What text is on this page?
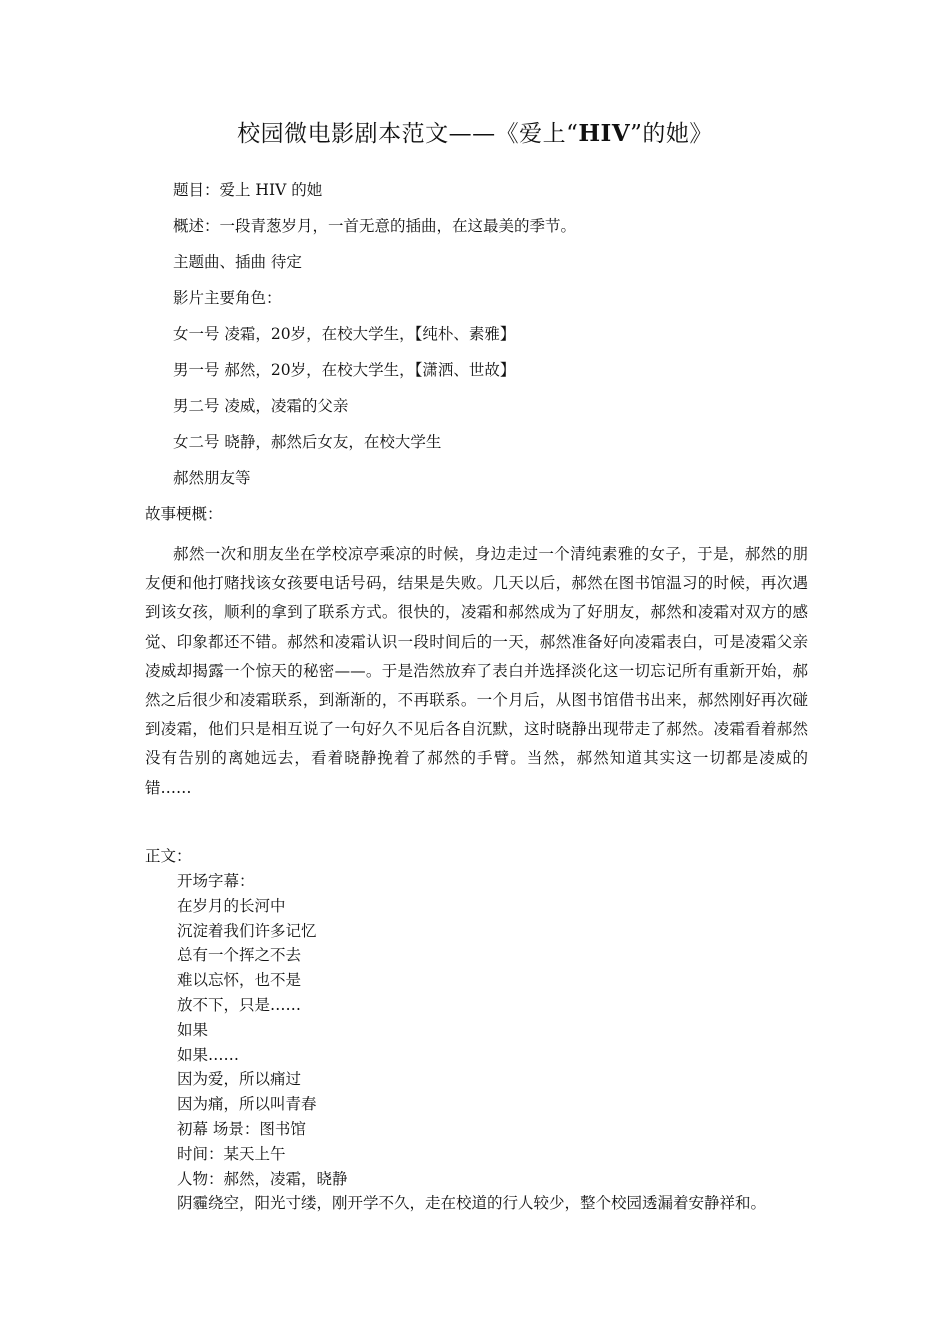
校园微电影剧本范文——《爱上“HIV”的她》
题目：爱上 HIV 的她
概述：一段青葱岁月，一首无意的插曲，在这最美的季节。
主题曲、插曲 待定
影片主要角色：
女一号 凌霜，20岁，在校大学生，【纯朴、素雅】
男一号 郝然，20岁，在校大学生，【潇洒、世故】
男二号 凌威，凌霜的父亲
女二号 晓静，郝然后女友，在校大学生
郝然朋友等
故事梗概：
郝然一次和朋友坐在学校凉亭乘凉的时候，身边走过一个清纯素雅的女子，于是，郝然的朋友便和他打赌找该女孩要电话号码，结果是失败。几天以后，郝然在图书馆温习的时候，再次遇到该女孩，顺利的拿到了联系方式。很快的，凌霜和郝然成为了好朋友，郝然和凌霜对双方的感觉、印象都还不错。郝然和凌霜认识一段时间后的一天，郝然准备好向凌霜表白，可是凌霜父亲凌威却揭露一个惊天的秘密——。于是浩然放弃了表白并选择淡化这一切忘记所有重新开始，郝然之后很少和凌霜联系，到渐渐的，不再联系。一个月后，从图书馆借书出来，郝然刚好再次碰到凌霜，他们只是相互说了一句好久不见后各自沉默，这时晓静出现带走了郝然。凌霜看着郝然没有告别的离她远去，看着晓静挽着了郝然的手臂。当然，郝然知道其实这一切都是凌威的错……
正文：
开场字幕：
在岁月的长河中
沉淀着我们许多记忆
总有一个挥之不去
难以忘怀，也不是
放不下，只是……
如果
如果……
因为爱，所以痛过
因为痛，所以叫青春
初幕 场景：图书馆
时间：某天上午
人物：郝然，凌霜，晓静
阴霾绕空，阳光寸缕，刚开学不久，走在校道的行人较少，整个校园透漏着安静祥和。
